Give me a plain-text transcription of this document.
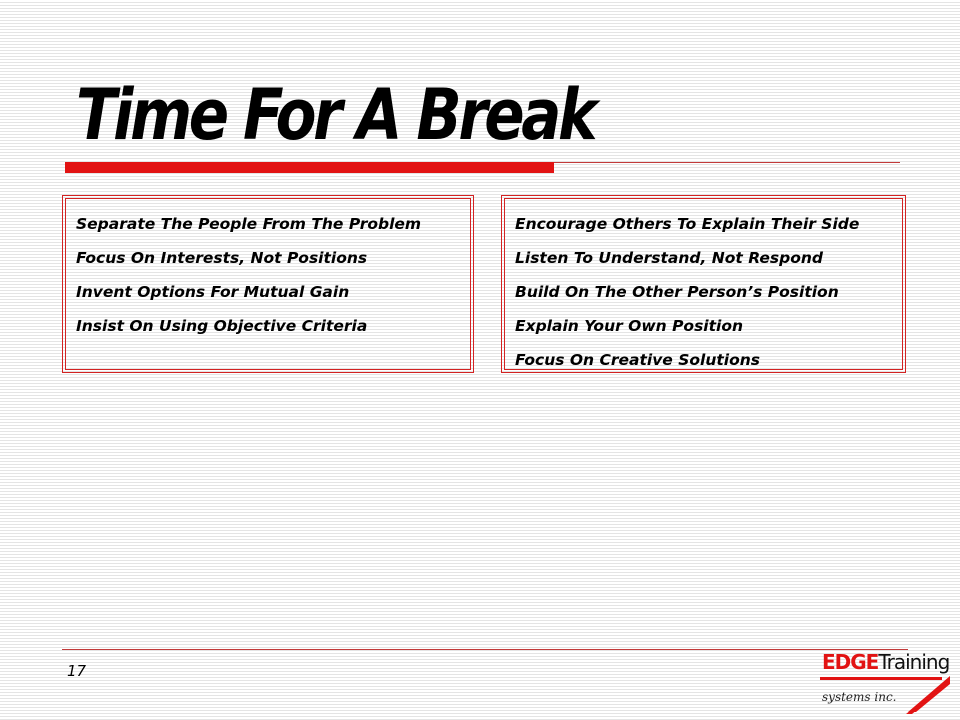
Time For A Break
Separate The People From The Problem
Focus On Interests, Not Positions
Invent Options For Mutual Gain
Insist On Using Objective Criteria
Encourage Others To Explain Their Side
Listen To Understand, Not Respond
Build On The Other Person’s Position
Explain Your Own Position
Focus On Creative Solutions
17	EDGETraining
systems inc.
